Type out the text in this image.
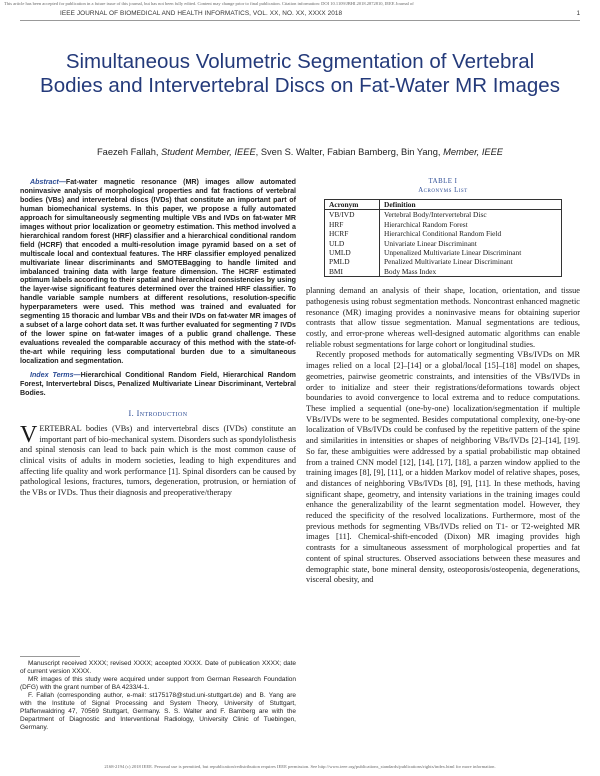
This article has been accepted for publication in a future issue of this journal, but has not been fully edited. Content may change prior to final publication. Citation information: DOI 10.1109/JBHI.2018.2872810, IEEE Journal of
IEEE JOURNAL OF BIOMEDICAL AND HEALTH INFORMATICS, VOL. XX, NO. XX, XXXX 2018	1
Simultaneous Volumetric Segmentation of Vertebral Bodies and Intervertebral Discs on Fat-Water MR Images
Faezeh Fallah, Student Member, IEEE, Sven S. Walter, Fabian Bamberg, Bin Yang, Member, IEEE

Abstract—Fat-water magnetic resonance (MR) images allow automated noninvasive analysis of morphological properties and fat fractions of vertebral bodies (VBs) and intervertebral discs (IVDs) that constitute an important part of human biomechanical systems. In this paper, we propose a fully automated approach for simultaneously segmenting multiple VBs and IVDs on fat-water MR images without prior localization or geometry estimation. This method involved a hierarchical random forest (HRF) classifier and a hierarchical conditional random field (HCRF) that encoded a multi-resolution image pyramid based on a set of multiscale local and contextual features. The HRF classifier employed penalized multivariate linear discriminants and SMOTEBagging to handle limited and imbalanced training data with large feature dimension. The HCRF estimated optimum labels according to their spatial and hierarchical consistencies by using the layer-wise significant features determined over the trained HRF classifier. To handle variable sample numbers at different resolutions, resolution-specific hyperparameters were used. This method was trained and evaluated for segmenting 15 thoracic and lumbar VBs and their IVDs on fat-water MR images of a subset of a large cohort data set. It was further evaluated for segmenting 7 IVDs of the lower spine on fat-water images of a public grand challenge. These evaluations revealed the comparable accuracy of this method with the state-of-the-art while requiring less computational burden due to a simultaneous localization and segmentation.

Index Terms—Hierarchical Conditional Random Field, Hierarchical Random Forest, Intervertebral Discs, Penalized Multivariate Linear Discriminant, Vertebral Bodies.

I. Introduction

VERTEBRAL bodies (VBs) and intervertebral discs (IVDs) constitute an important part of bio-mechanical system. Disorders such as spondylolisthesis and spinal stenosis can lead to back pain which is the most common cause of clinical visits of adults in modern societies, leading to high expenditures and affecting life quality and work performance [1]. Spinal disorders can be caused by pathological lesions, fractures, tumors, degeneration, protrusion, or herniation of the VBs or IVDs. Thus their diagnosis and preoperative/therapy

Manuscript received XXXX; revised XXXX; accepted XXXX. Date of publication XXXX; date of current version XXXX.

MR images of this study were acquired under support from German Research Foundation (DFG) with the grant number of BA 4233/4-1.

F. Fallah (corresponding author, e-mail: st175178@stud.uni-stuttgart.de) and B. Yang are with the Institute of Signal Processing and System Theory, University of Stuttgart, Pfaffenwaldring 47, 70569 Stuttgart, Germany. S. S. Walter and F. Bamberg are with the Department of Diagnostic and Interventional Radiology, University Clinic of Tuebingen, Germany.

TABLE I
Acronyms List
Acronym	Definition
VB/IVD	Vertebral Body/Intervertebral Disc
HRF	Hierarchical Random Forest
HCRF	Hierarchical Conditional Random Field
ULD	Univariate Linear Discriminant
UMLD	Unpenalized Multivariate Linear Discriminant
PMLD	Penalized Multivariate Linear Discriminant
BMI	Body Mass Index

planning demand an analysis of their shape, location, orientation, and tissue pathogenesis using robust segmentation methods. Noncontrast enhanced magnetic resonance (MR) imaging provides a noninvasive means for obtaining superior contrasts that allow tissue segmentation. Manual segmentations are tedious, costly, and error-prone whereas well-designed automatic algorithms can enable reliable robust segmentations for large cohort or longitudinal studies.

Recently proposed methods for automatically segmenting VBs/IVDs on MR images relied on a local [2]–[14] or a global/local [15]–[18] model on shapes, geometries, pairwise geometric constraints, and intensities of the VBs/IVDs in order to initialize and steer their registrations/deformations towards object boundaries to avoid convergence to local extrema and to reduce computations. These implied a sequential (one-by-one) localization/segmentation if multiple VBs/IVDs were to be segmented. Besides computational complexity, one-by-one localization of VBs/IVDs could be confused by the repetitive pattern of the spine and similarities in intensities or shapes of neighboring VBs/IVDs [2]–[14], [19]. So far, these ambiguities were addressed by a spatial probabilistic map obtained from a trained CNN model [12], [14], [17], [18], a parzen window applied to the training images [8], [9], [11], or a hidden Markov model of relative shapes, poses, and distances of neighboring VBs/IVDs [8], [9], [11]. In these methods, having significant shape, geometry, and intensity variations in the training images could enhance the generalizability of the learnt segmentation model. However, they reduced the specificity of the resolved localizations. Furthermore, most of the previous methods for segmenting VBs/IVDs relied on T1- or T2-weighted MR images [11]. Chemical-shift-encoded (Dixon) MR imaging provides high contrasts for a simultaneous assessment of morphological properties and fat content of spinal structures. Observed associations between these measures and demographic state, bone mineral density, osteoporosis/osteopenia, degenerations, visceral obesity, and

2168-2194 (c) 2018 IEEE. Personal use is permitted, but republication/redistribution requires IEEE permission. See http://www.ieee.org/publications_standards/publications/rights/index.html for more information.
